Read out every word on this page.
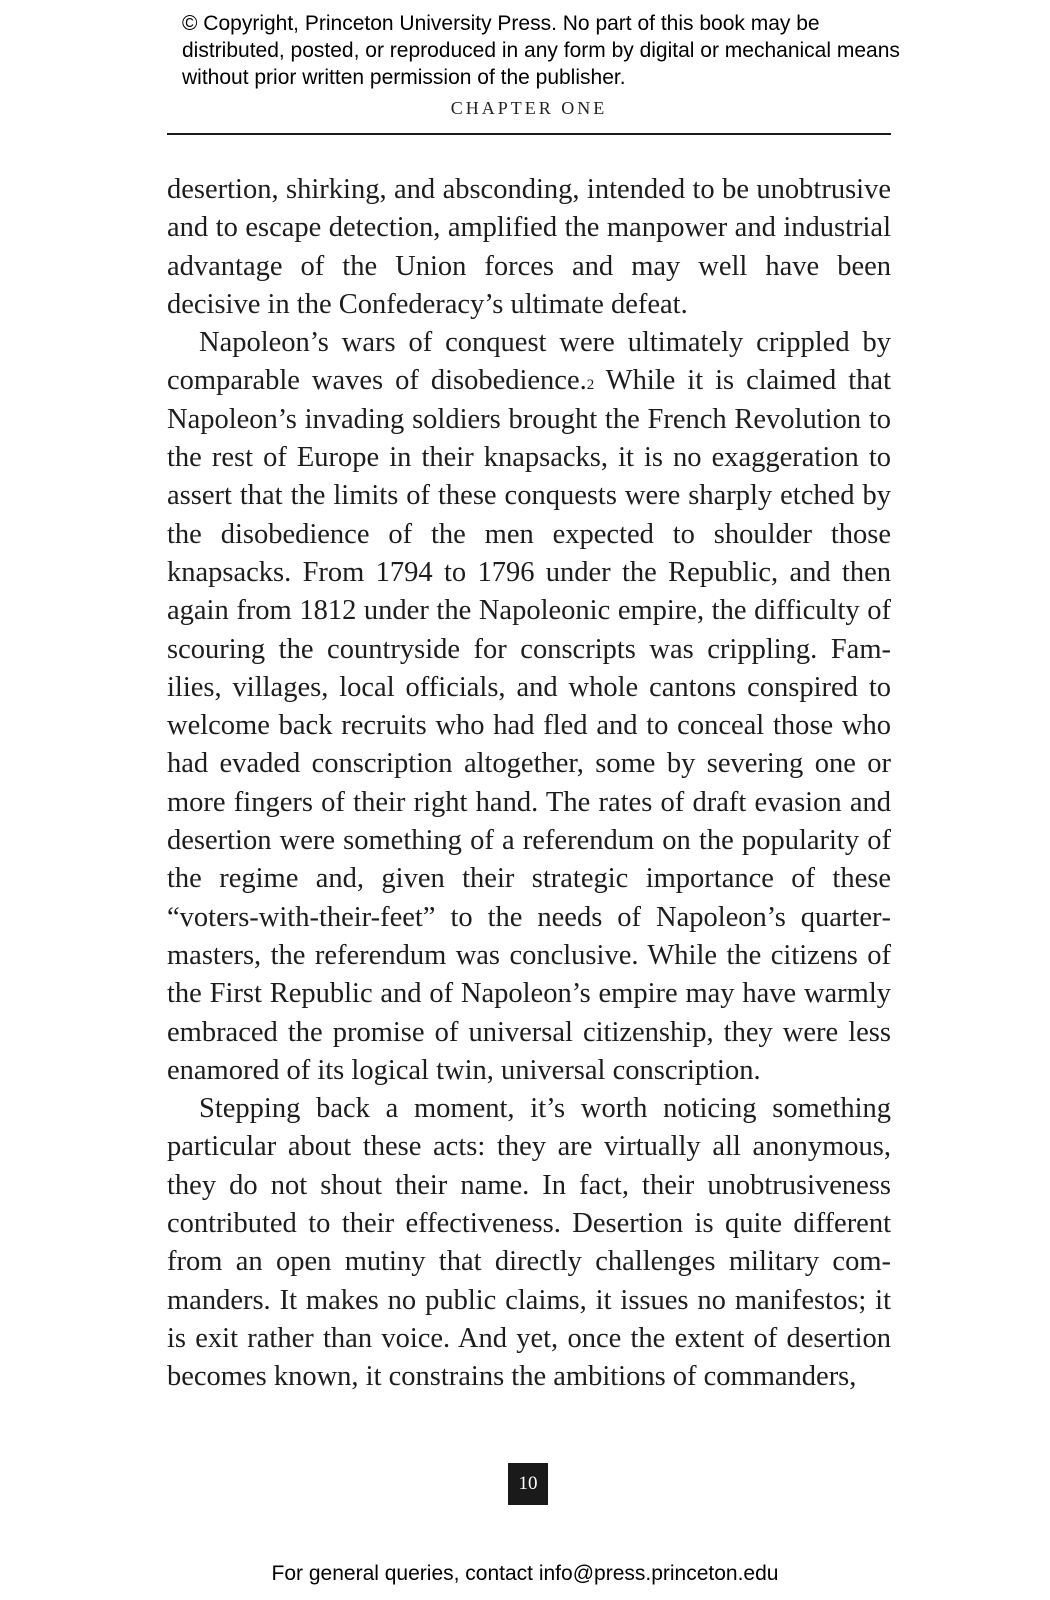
© Copyright, Princeton University Press. No part of this book may be distributed, posted, or reproduced in any form by digital or mechanical means without prior written permission of the publisher.
CHAPTER ONE

desertion, shirking, and absconding, intended to be unobtrusive and to escape detection, amplified the manpower and industrial advantage of the Union forces and may well have been decisive in the Confederacy’s ultimate defeat.

Napoleon’s wars of conquest were ultimately crippled by comparable waves of disobedience.$^2$ While it is claimed that Napoleon’s invading soldiers brought the French Revolution to the rest of Europe in their knapsacks, it is no exaggeration to assert that the limits of these conquests were sharply etched by the disobedience of the men expected to shoulder those knapsacks. From 1794 to 1796 under the Republic, and then again from 1812 under the Napoleonic empire, the difficulty of scouring the countryside for conscripts was crippling. Families, villages, local officials, and whole cantons conspired to welcome back recruits who had fled and to conceal those who had evaded conscription altogether, some by severing one or more fingers of their right hand. The rates of draft evasion and desertion were something of a referendum on the popularity of the regime and, given their strategic importance of these “voters-with-their-feet” to the needs of Napoleon’s quartermasters, the referendum was conclusive. While the citizens of the First Republic and of Napoleon’s empire may have warmly embraced the promise of universal citizenship, they were less enamored of its logical twin, universal conscription.

Stepping back a moment, it’s worth noticing something particular about these acts: they are virtually all anonymous, they do not shout their name. In fact, their unobtrusiveness contributed to their effectiveness. Desertion is quite different from an open mutiny that directly challenges military commanders. It makes no public claims, it issues no manifestos; it is exit rather than voice. And yet, once the extent of desertion becomes known, it constrains the ambitions of commanders,

10
For general queries, contact info@press.princeton.edu
